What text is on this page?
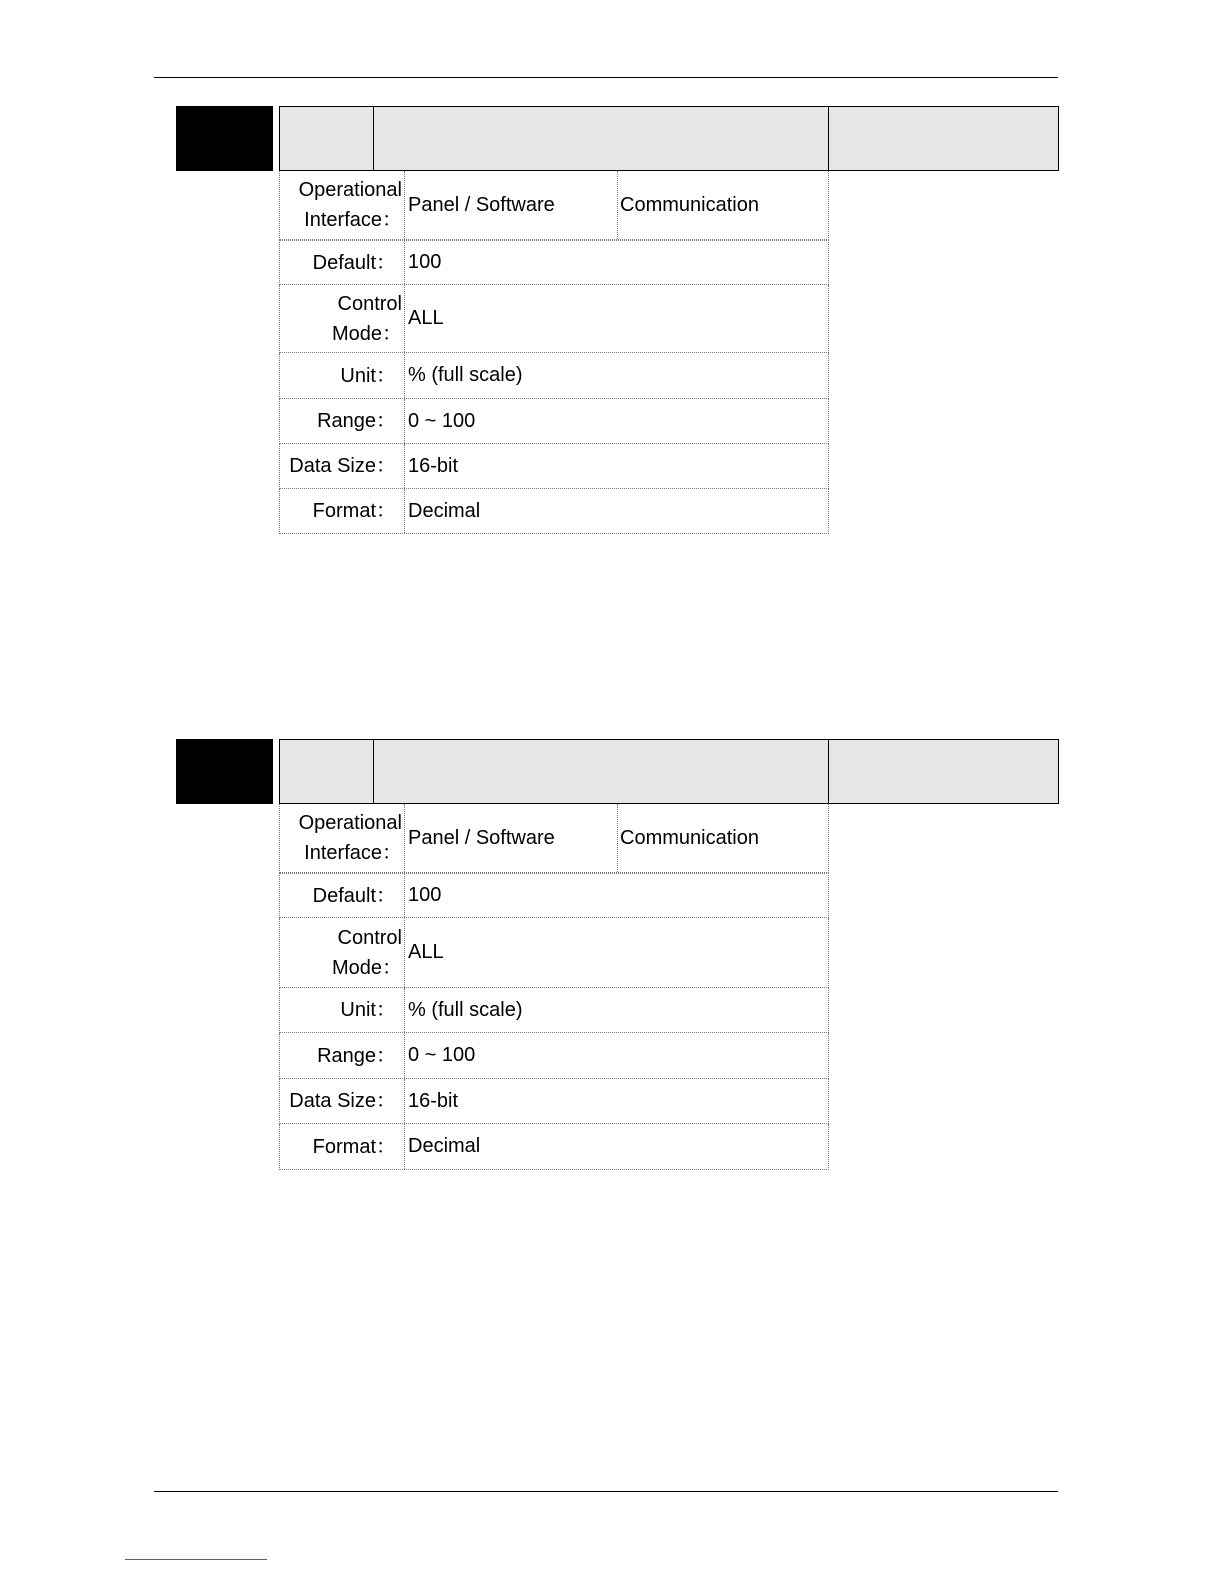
Operational
Interface：
Panel / Software	Communication
Default： 100
Control
Mode：
ALL
Unit： % (full scale)
Range： 0 ~ 100
Data Size： 16-bit
Format： Decimal
Operational
Interface：
Panel / Software	Communication
Default： 100
Control
Mode：
ALL
Unit： % (full scale)
Range： 0 ~ 100
Data Size： 16-bit
Format： Decimal
